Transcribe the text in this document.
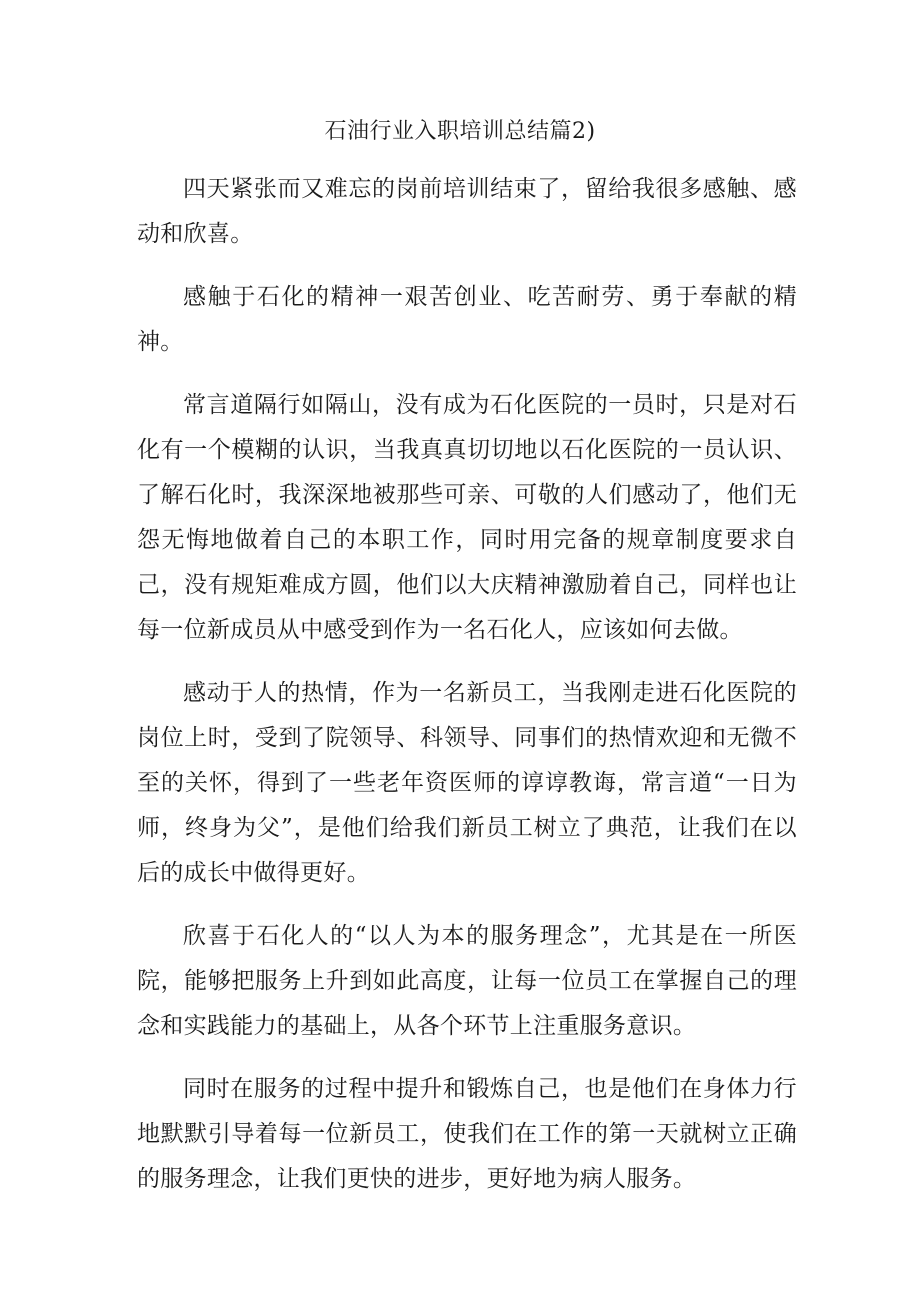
石油行业入职培训总结篇2)

四天紧张而又难忘的岗前培训结束了，留给我很多感触、感动和欣喜。

感触于石化的精神一艰苦创业、吃苦耐劳、勇于奉献的精神。

常言道隔行如隔山，没有成为石化医院的一员时，只是对石化有一个模糊的认识，当我真真切切地以石化医院的一员认识、了解石化时，我深深地被那些可亲、可敬的人们感动了，他们无怨无悔地做着自己的本职工作，同时用完备的规章制度要求自己，没有规矩难成方圆，他们以大庆精神激励着自己，同样也让每一位新成员从中感受到作为一名石化人，应该如何去做。

感动于人的热情，作为一名新员工，当我刚走进石化医院的岗位上时，受到了院领导、科领导、同事们的热情欢迎和无微不至的关怀，得到了一些老年资医师的谆谆教诲，常言道“一日为师，终身为父”，是他们给我们新员工树立了典范，让我们在以后的成长中做得更好。

欣喜于石化人的“以人为本的服务理念”，尤其是在一所医院，能够把服务上升到如此高度，让每一位员工在掌握自己的理念和实践能力的基础上，从各个环节上注重服务意识。

同时在服务的过程中提升和锻炼自己，也是他们在身体力行地默默引导着每一位新员工，使我们在工作的第一天就树立正确的服务理念，让我们更快的进步，更好地为病人服务。
